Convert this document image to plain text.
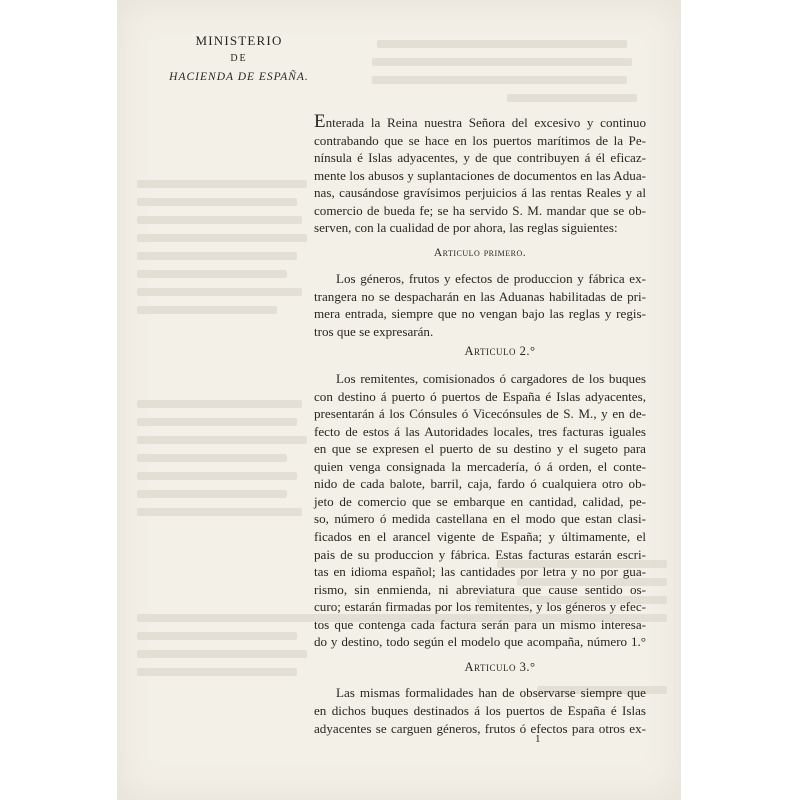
MINISTERIO
DE
HACIENDA DE ESPAÑA.
Enterada la Reina nuestra Señora del excesivo y continuo
contrabando que se hace en los puertos marítimos de la Pe-
nínsula é Islas adyacentes, y de que contribuyen á él eficaz-
mente los abusos y suplantaciones de documentos en las Adua-
nas, causándose gravísimos perjuicios á las rentas Reales y al
comercio de bueda fe; se ha servido S. M. mandar que se ob-
serven, con la cualidad de por ahora, las reglas siguientes:
Articulo primero.
Los géneros, frutos y efectos de produccion y fábrica ex-
trangera no se despacharán en las Aduanas habilitadas de pri-
mera entrada, siempre que no vengan bajo las reglas y regis-
tros que se expresarán.
Articulo 2.°
Los remitentes, comisionados ó cargadores de los buques
con destino á puerto ó puertos de España é Islas adyacentes,
presentarán á los Cónsules ó Vicecónsules de S. M., y en de-
fecto de estos á las Autoridades locales, tres facturas iguales
en que se expresen el puerto de su destino y el sugeto para
quien venga consignada la mercadería, ó á orden, el conte-
nido de cada balote, barril, caja, fardo ó cualquiera otro ob-
jeto de comercio que se embarque en cantidad, calidad, pe-
so, número ó medida castellana en el modo que estan clasi-
ficados en el arancel vigente de España; y últimamente, el
pais de su produccion y fábrica. Estas facturas estarán escri-
tas en idioma español; las cantidades por letra y no por gua-
rismo, sin enmienda, ni abreviatura que cause sentido os-
curo; estarán firmadas por los remitentes, y los géneros y efec-
tos que contenga cada factura serán para un mismo interesa-
do y destino, todo según el modelo que acompaña, número 1.°
Articulo 3.°
Las mismas formalidades han de observarse siempre que
en dichos buques destinados á los puertos de España é Islas
adyacentes se carguen géneros, frutos ó efectos para otros ex-
1
